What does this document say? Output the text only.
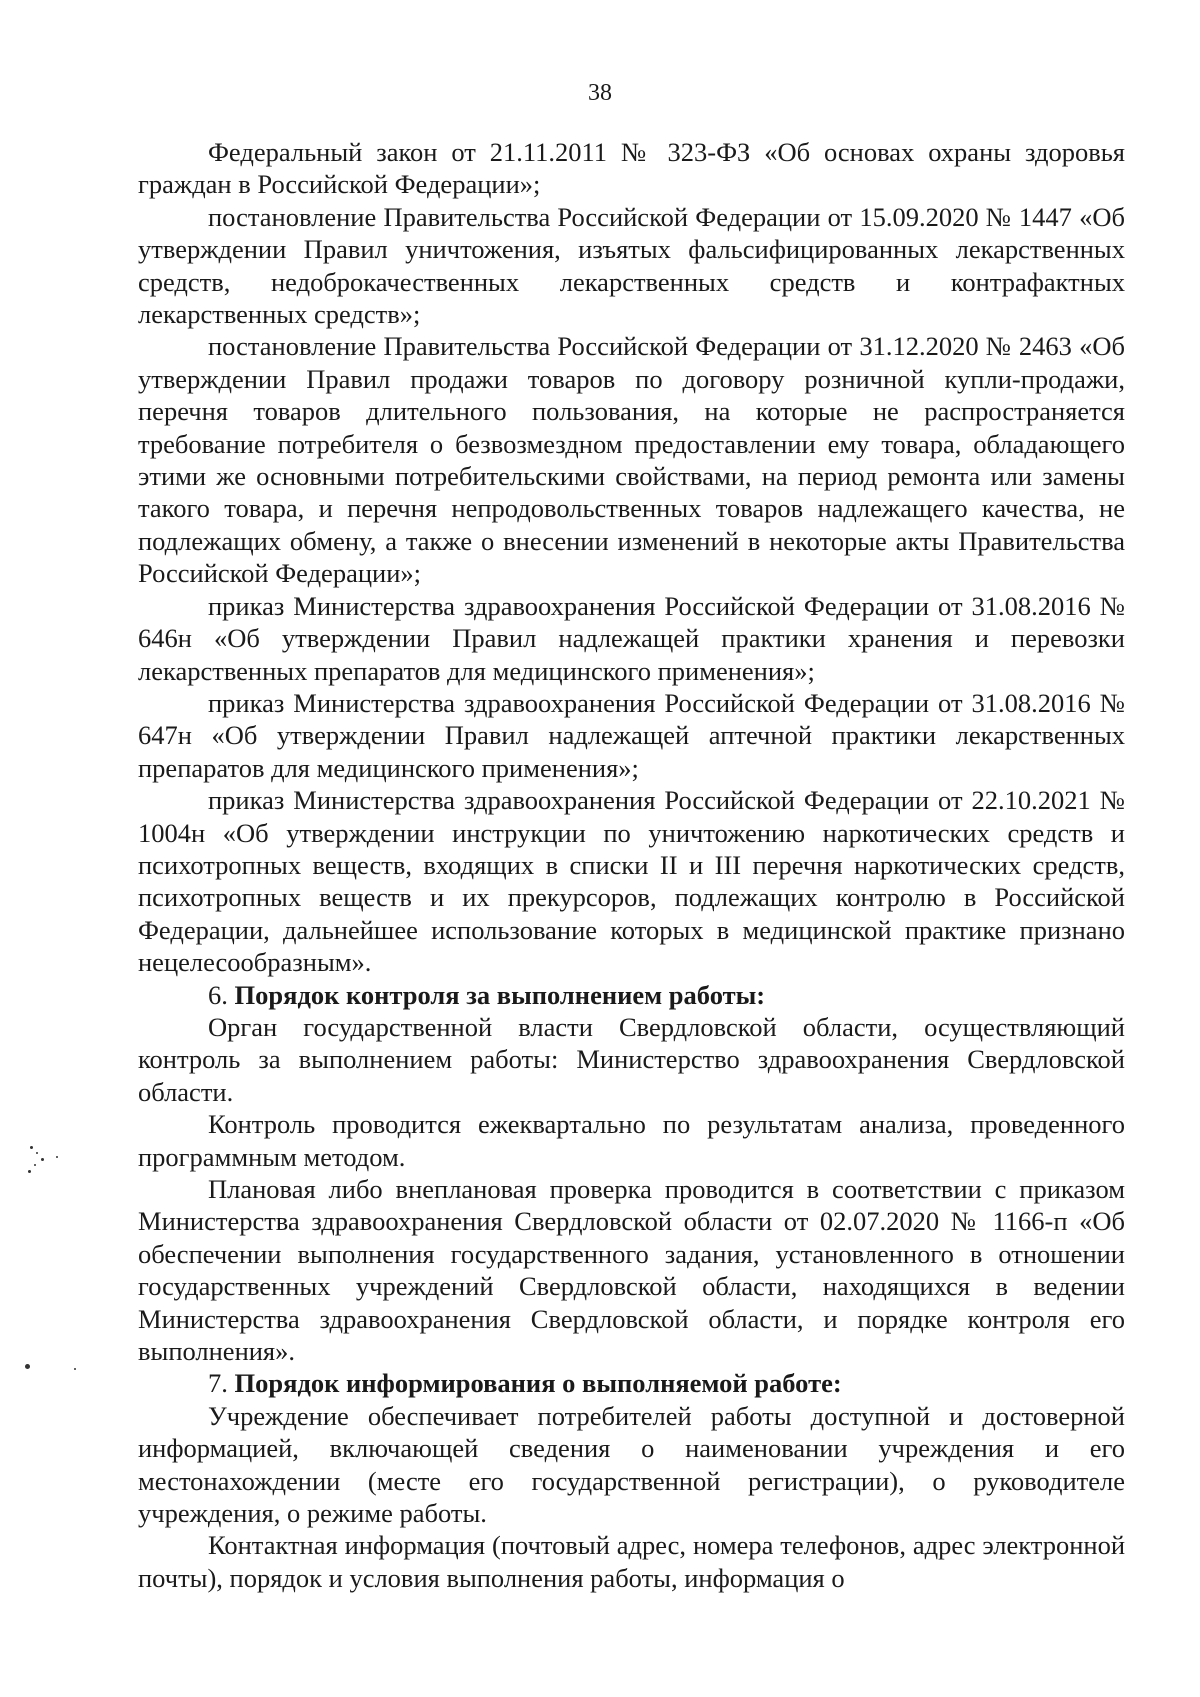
38

Федеральный закон от 21.11.2011 № 323-ФЗ «Об основах охраны здоровья граждан в Российской Федерации»;

постановление Правительства Российской Федерации от 15.09.2020 № 1447 «Об утверждении Правил уничтожения, изъятых фальсифицированных лекарственных средств, недоброкачественных лекарственных средств и контрафактных лекарственных средств»;

постановление Правительства Российской Федерации от 31.12.2020 № 2463 «Об утверждении Правил продажи товаров по договору розничной купли-продажи, перечня товаров длительного пользования, на которые не распространяется требование потребителя о безвозмездном предоставлении ему товара, обладающего этими же основными потребительскими свойствами, на период ремонта или замены такого товара, и перечня непродовольственных товаров надлежащего качества, не подлежащих обмену, а также о внесении изменений в некоторые акты Правительства Российской Федерации»;

приказ Министерства здравоохранения Российской Федерации от 31.08.2016 № 646н «Об утверждении Правил надлежащей практики хранения и перевозки лекарственных препаратов для медицинского применения»;

приказ Министерства здравоохранения Российской Федерации от 31.08.2016 № 647н «Об утверждении Правил надлежащей аптечной практики лекарственных препаратов для медицинского применения»;

приказ Министерства здравоохранения Российской Федерации от 22.10.2021 № 1004н «Об утверждении инструкции по уничтожению наркотических средств и психотропных веществ, входящих в списки II и III перечня наркотических средств, психотропных веществ и их прекурсоров, подлежащих контролю в Российской Федерации, дальнейшее использование которых в медицинской практике признано нецелесообразным».

6. Порядок контроля за выполнением работы:

Орган государственной власти Свердловской области, осуществляющий контроль за выполнением работы: Министерство здравоохранения Свердловской области.

Контроль проводится ежеквартально по результатам анализа, проведенного программным методом.

Плановая либо внеплановая проверка проводится в соответствии с приказом Министерства здравоохранения Свердловской области от 02.07.2020 № 1166-п «Об обеспечении выполнения государственного задания, установленного в отношении государственных учреждений Свердловской области, находящихся в ведении Министерства здравоохранения Свердловской области, и порядке контроля его выполнения».

7. Порядок информирования о выполняемой работе:

Учреждение обеспечивает потребителей работы доступной и достоверной информацией, включающей сведения о наименовании учреждения и его местонахождении (месте его государственной регистрации), о руководителе учреждения, о режиме работы.

Контактная информация (почтовый адрес, номера телефонов, адрес электронной почты), порядок и условия выполнения работы, информация о
